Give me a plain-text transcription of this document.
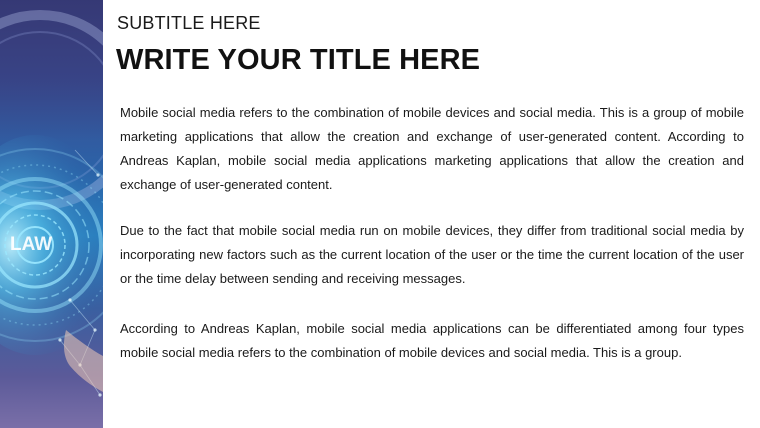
LAW
SUBTITLE HERE
WRITE YOUR TITLE HERE

Mobile social media refers to the combination of mobile devices and social media. This is a group of mobile marketing applications that allow the creation and exchange of user-generated content. According to Andreas Kaplan, mobile social media applications marketing applications that allow the creation and exchange of user-generated content.

Due to the fact that mobile social media run on mobile devices, they differ from traditional social media by incorporating new factors such as the current location of the user or the time the current location of the user or the time delay between sending and receiving messages.

According to Andreas Kaplan, mobile social media applications can be differentiated among four types mobile social media refers to the combination of mobile devices and social media. This is a group.
